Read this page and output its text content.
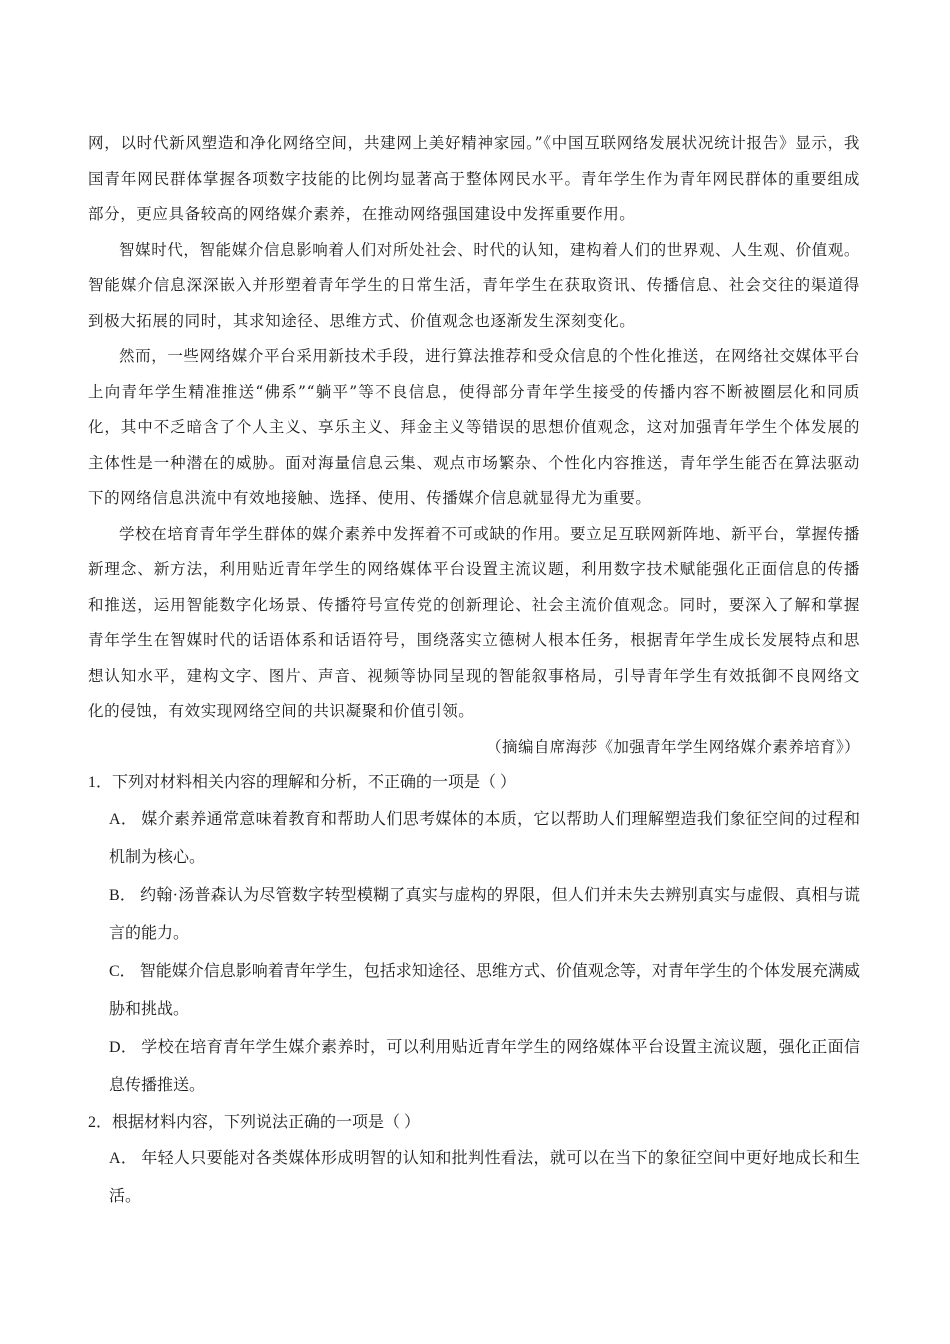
网，以时代新风塑造和净化网络空间，共建网上美好精神家园。”《中国互联网络发展状况统计报告》显示，我国青年网民群体掌握各项数字技能的比例均显著高于整体网民水平。青年学生作为青年网民群体的重要组成部分，更应具备较高的网络媒介素养，在推动网络强国建设中发挥重要作用。

智媒时代，智能媒介信息影响着人们对所处社会、时代的认知，建构着人们的世界观、人生观、价值观。智能媒介信息深深嵌入并形塑着青年学生的日常生活，青年学生在获取资讯、传播信息、社会交往的渠道得到极大拓展的同时，其求知途径、思维方式、价值观念也逐渐发生深刻变化。

然而，一些网络媒介平台采用新技术手段，进行算法推荐和受众信息的个性化推送，在网络社交媒体平台上向青年学生精准推送“佛系”“躺平”等不良信息，使得部分青年学生接受的传播内容不断被圈层化和同质化，其中不乏暗含了个人主义、享乐主义、拜金主义等错误的思想价值观念，这对加强青年学生个体发展的主体性是一种潜在的威胁。面对海量信息云集、观点市场繁杂、个性化内容推送，青年学生能否在算法驱动下的网络信息洪流中有效地接触、选择、使用、传播媒介信息就显得尤为重要。

学校在培育青年学生群体的媒介素养中发挥着不可或缺的作用。要立足互联网新阵地、新平台，掌握传播新理念、新方法，利用贴近青年学生的网络媒体平台设置主流议题，利用数字技术赋能强化正面信息的传播和推送，运用智能数字化场景、传播符号宣传党的创新理论、社会主流价值观念。同时，要深入了解和掌握青年学生在智媒时代的话语体系和话语符号，围绕落实立德树人根本任务，根据青年学生成长发展特点和思想认知水平，建构文字、图片、声音、视频等协同呈现的智能叙事格局，引导青年学生有效抵御不良网络文化的侵蚀，有效实现网络空间的共识凝聚和价值引领。

（摘编自席海莎《加强青年学生网络媒介素养培育》）

1．下列对材料相关内容的理解和分析，不正确的一项是（ ）

A． 媒介素养通常意味着教育和帮助人们思考媒体的本质，它以帮助人们理解塑造我们象征空间的过程和机制为核心。

B． 约翰·汤普森认为尽管数字转型模糊了真实与虚构的界限，但人们并未失去辨别真实与虚假、真相与谎言的能力。

C． 智能媒介信息影响着青年学生，包括求知途径、思维方式、价值观念等，对青年学生的个体发展充满威胁和挑战。

D． 学校在培育青年学生媒介素养时，可以利用贴近青年学生的网络媒体平台设置主流议题，强化正面信息传播推送。

2．根据材料内容，下列说法正确的一项是（ ）

A． 年轻人只要能对各类媒体形成明智的认知和批判性看法，就可以在当下的象征空间中更好地成长和生活。
